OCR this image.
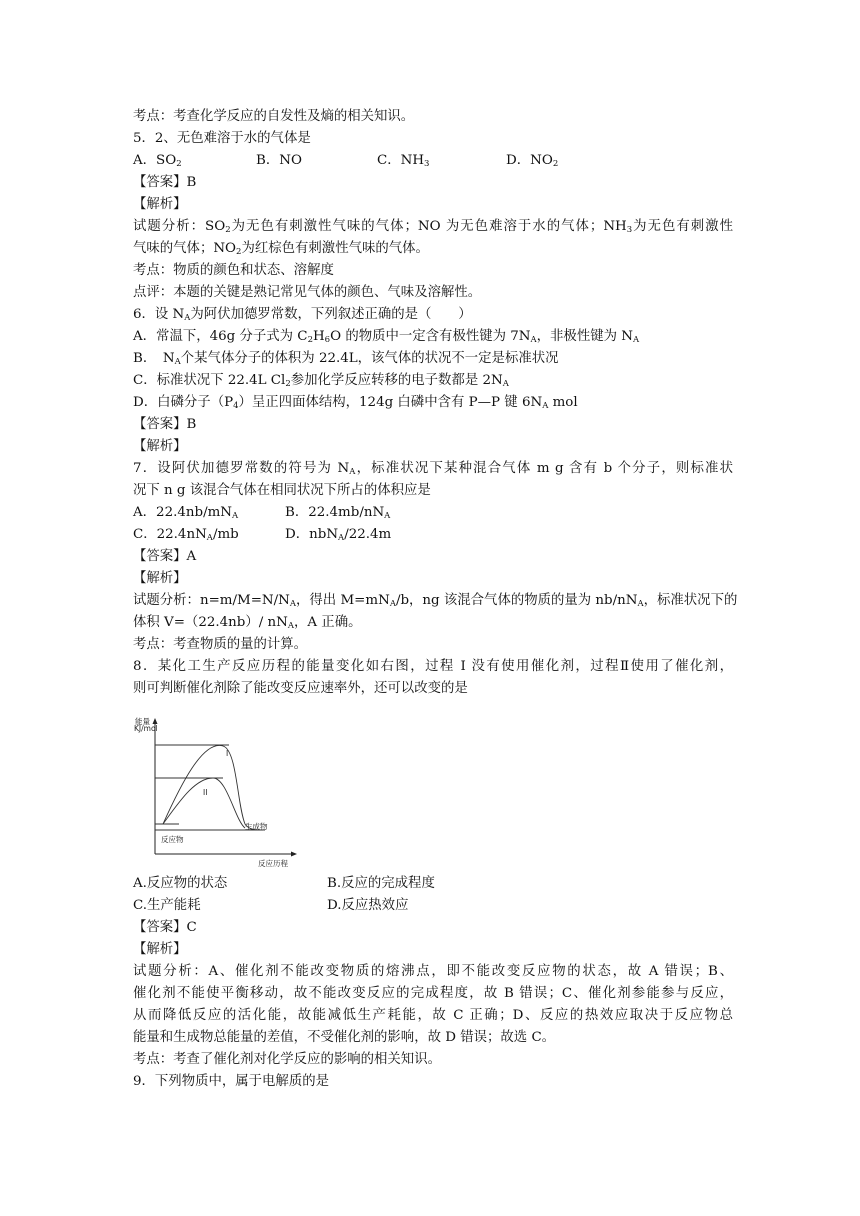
考点：考查化学反应的自发性及熵的相关知识。
5．2、无色难溶于水的气体是
A．$SO_2$	B．NO	C．$NH_3$	D．$NO_2$
【答案】B
【解析】
试题分析：$SO_2$为无色有刺激性气味的气体；NO 为无色难溶于水的气体；$NH_3$为无色有刺激性
气味的气体；$NO_2$为红棕色有刺激性气味的气体。
考点：物质的颜色和状态、溶解度
点评：本题的关键是熟记常见气体的颜色、气味及溶解性。
6．设 $N_A$为阿伏加德罗常数，下列叙述正确的是（　　）
A．常温下，46g 分子式为 $C_2H_6O$ 的物质中一定含有极性键为 $7N_A$，非极性键为 $N_A$
B．　$N_A$个某气体分子的体积为 22.4L，该气体的状况不一定是标准状况
C．标准状况下 22.4L $Cl_2$参加化学反应转移的电子数都是 $2N_A$
D．白磷分子$(P_4)$呈正四面体结构，124g 白磷中含有 P—P 键 $6N_A$ mol
【答案】B
【解析】
7．设阿伏加德罗常数的符号为 $N_A$，标准状况下某种混合气体 m g 含有 b 个分子，则标准状
况下 n g 该混合气体在相同状况下所占的体积应是
A．$22.4nb/mN_A$	B．$22.4mb/nN_A$
C．$22.4nN_A/mb$	D．nbN$_A$/22.4m
【答案】A
【解析】
试题分析：$n=m/M=N/N_A$，得出 $M=mN_A/b$，ng 该混合气体的物质的量为 $nb/nN_A$，标准状况下的
体积 V=（22.4nb）/ $nN_A$，A 正确。
考点：考查物质的量的计算。
8．某化工生产反应历程的能量变化如右图，过程 I 没有使用催化剂，过程Ⅱ使用了催化剂，
则可判断催化剂除了能改变反应速率外，还可以改变的是
能量
KJ/mol
I
II
生成物
反应物
反应历程
A.反应物的状态	B.反应的完成程度
C.生产能耗	D.反应热效应
【答案】C
【解析】
试题分析：A、催化剂不能改变物质的熔沸点，即不能改变反应物的状态，故 A 错误；B、
催化剂不能使平衡移动，故不能改变反应的完成程度，故 B 错误；C、催化剂参能参与反应，
从而降低反应的活化能，故能减低生产耗能，故 C 正确；D、反应的热效应取决于反应物总
能量和生成物总能量的差值，不受催化剂的影响，故 D 错误；故选 C。
考点：考查了催化剂对化学反应的影响的相关知识。
9．下列物质中，属于电解质的是
